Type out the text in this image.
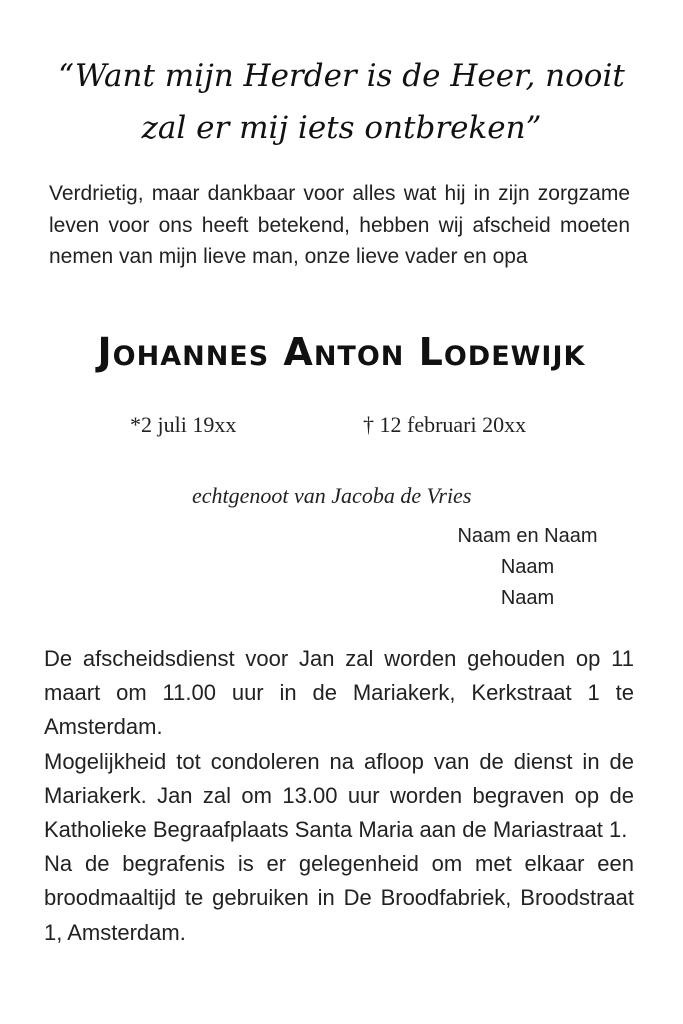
“Want mijn Herder is de Heer, nooit
zal er mij iets ontbreken”
Verdrietig, maar dankbaar voor alles wat hij in zijn zorgzame leven voor ons heeft betekend, hebben wij afscheid moeten nemen van mijn lieve man, onze lieve vader en opa
Johannes Anton Lodewijk
*2 juli 19xx	† 12 februari 20xx
echtgenoot van Jacoba de Vries
Naam en Naam
Naam
Naam

De afscheidsdienst voor Jan zal worden gehouden op 11 maart om 11.00 uur in de Mariakerk, Kerkstraat 1 te Amsterdam.

Mogelijkheid tot condoleren na afloop van de dienst in de Mariakerk. Jan zal om 13.00 uur worden begraven op de Katholieke Begraafplaats Santa Maria aan de Mariastraat 1.

Na de begrafenis is er gelegenheid om met elkaar een broodmaaltijd te gebruiken in De Broodfabriek, Broodstraat 1, Amsterdam.
